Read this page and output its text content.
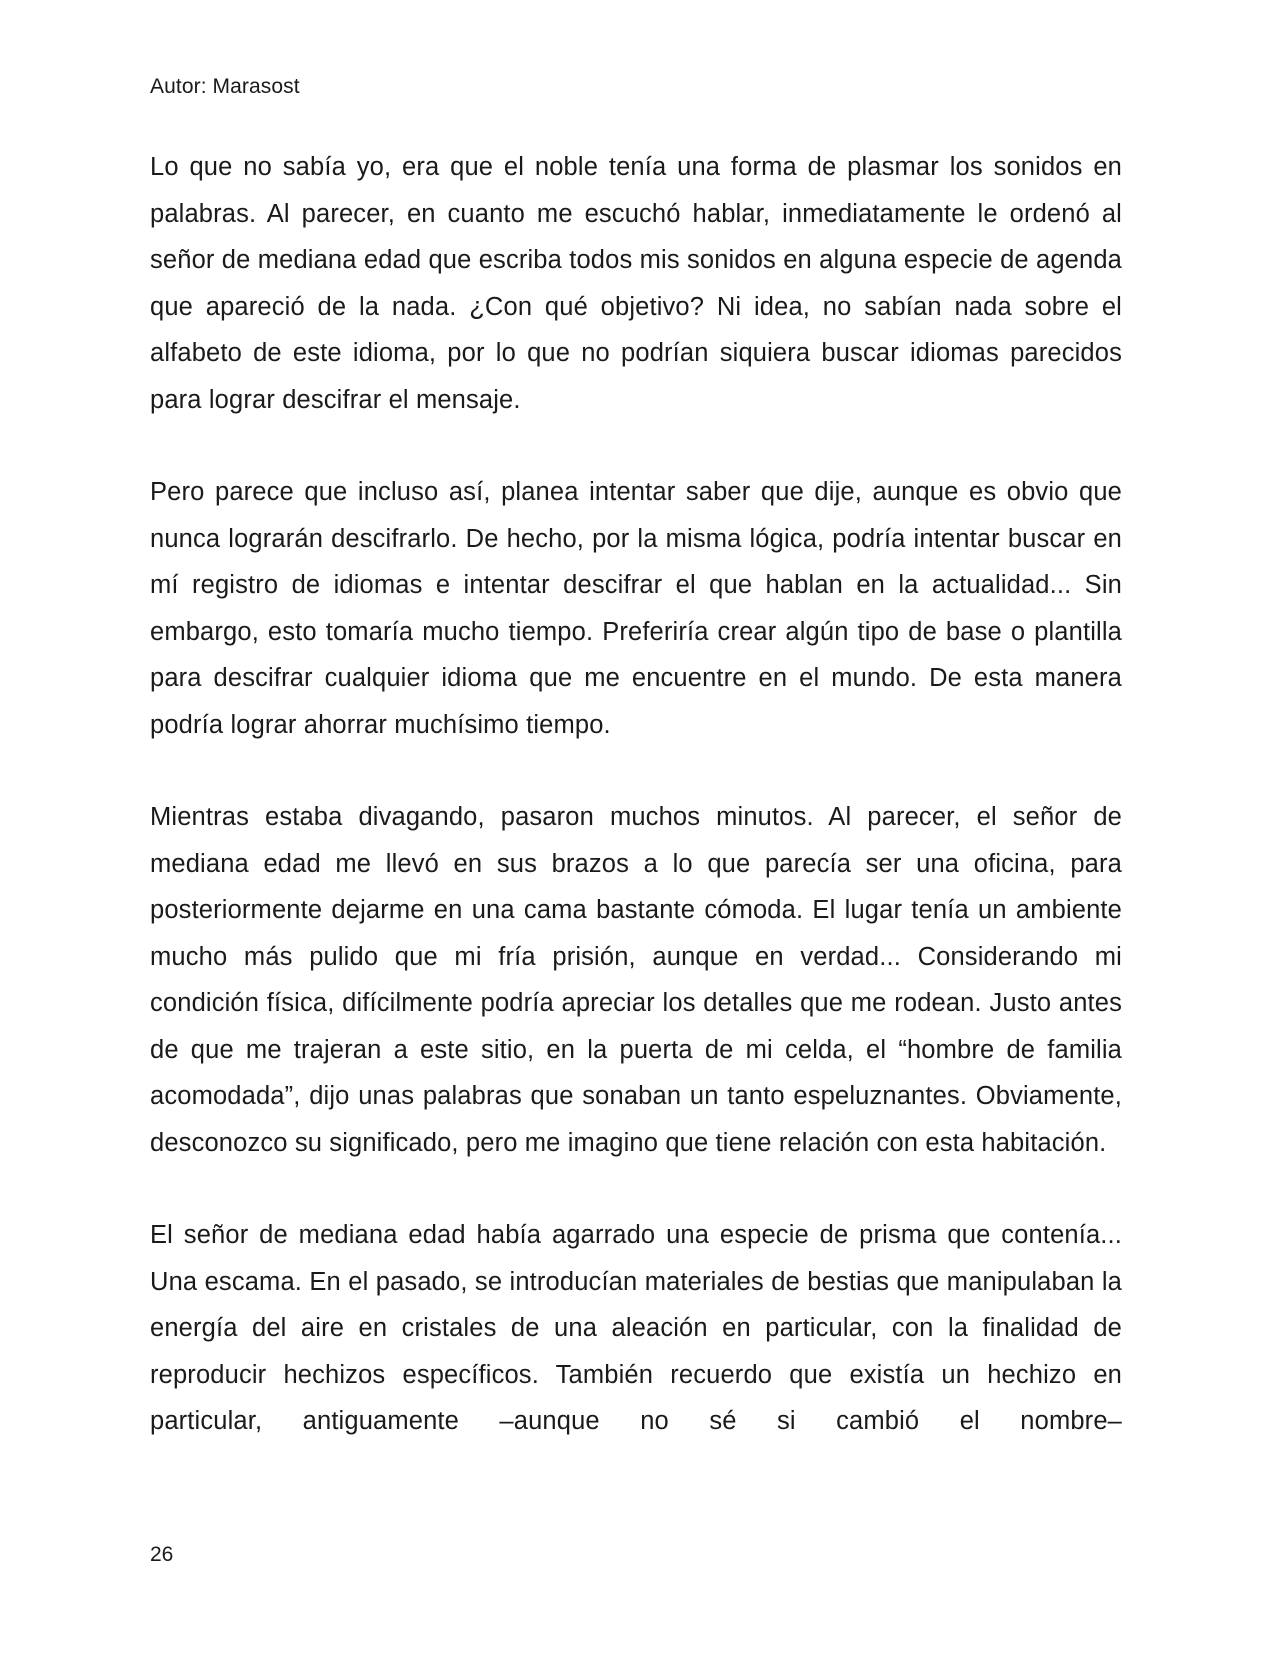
Autor: Marasost

Lo que no sabía yo, era que el noble tenía una forma de plasmar los sonidos en palabras. Al parecer, en cuanto me escuchó hablar, inmediatamente le ordenó al señor de mediana edad que escriba todos mis sonidos en alguna especie de agenda que apareció de la nada. ¿Con qué objetivo? Ni idea, no sabían nada sobre el alfabeto de este idioma, por lo que no podrían siquiera buscar idiomas parecidos para lograr descifrar el mensaje.

Pero parece que incluso así, planea intentar saber que dije, aunque es obvio que nunca lograrán descifrarlo. De hecho, por la misma lógica, podría intentar buscar en mí registro de idiomas e intentar descifrar el que hablan en la actualidad... Sin embargo, esto tomaría mucho tiempo. Preferiría crear algún tipo de base o plantilla para descifrar cualquier idioma que me encuentre en el mundo. De esta manera podría lograr ahorrar muchísimo tiempo.

Mientras estaba divagando, pasaron muchos minutos. Al parecer, el señor de mediana edad me llevó en sus brazos a lo que parecía ser una oficina, para posteriormente dejarme en una cama bastante cómoda. El lugar tenía un ambiente mucho más pulido que mi fría prisión, aunque en verdad... Considerando mi condición física, difícilmente podría apreciar los detalles que me rodean. Justo antes de que me trajeran a este sitio, en la puerta de mi celda, el “hombre de familia acomodada”, dijo unas palabras que sonaban un tanto espeluznantes. Obviamente, desconozco su significado, pero me imagino que tiene relación con esta habitación.

El señor de mediana edad había agarrado una especie de prisma que contenía... Una escama. En el pasado, se introducían materiales de bestias que manipulaban la energía del aire en cristales de una aleación en particular, con la finalidad de reproducir hechizos específicos. También recuerdo que existía un hechizo en particular, antiguamente –aunque no sé si cambió el nombre–

26
